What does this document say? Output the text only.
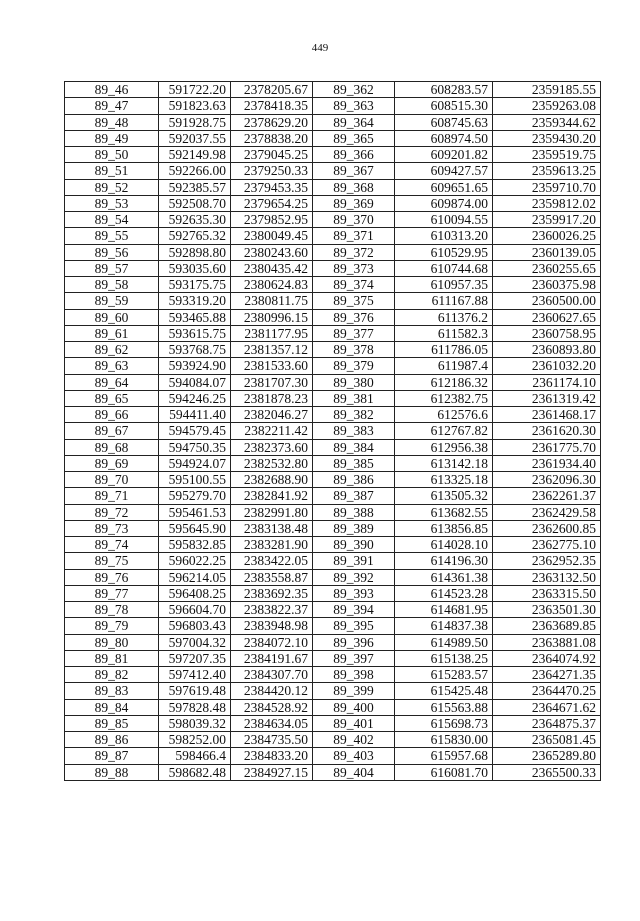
449
89_46	591722.20	2378205.67	89_362	608283.57	2359185.55
89_47	591823.63	2378418.35	89_363	608515.30	2359263.08
89_48	591928.75	2378629.20	89_364	608745.63	2359344.62
89_49	592037.55	2378838.20	89_365	608974.50	2359430.20
89_50	592149.98	2379045.25	89_366	609201.82	2359519.75
89_51	592266.00	2379250.33	89_367	609427.57	2359613.25
89_52	592385.57	2379453.35	89_368	609651.65	2359710.70
89_53	592508.70	2379654.25	89_369	609874.00	2359812.02
89_54	592635.30	2379852.95	89_370	610094.55	2359917.20
89_55	592765.32	2380049.45	89_371	610313.20	2360026.25
89_56	592898.80	2380243.60	89_372	610529.95	2360139.05
89_57	593035.60	2380435.42	89_373	610744.68	2360255.65
89_58	593175.75	2380624.83	89_374	610957.35	2360375.98
89_59	593319.20	2380811.75	89_375	611167.88	2360500.00
89_60	593465.88	2380996.15	89_376	611376.2	2360627.65
89_61	593615.75	2381177.95	89_377	611582.3	2360758.95
89_62	593768.75	2381357.12	89_378	611786.05	2360893.80
89_63	593924.90	2381533.60	89_379	611987.4	2361032.20
89_64	594084.07	2381707.30	89_380	612186.32	2361174.10
89_65	594246.25	2381878.23	89_381	612382.75	2361319.42
89_66	594411.40	2382046.27	89_382	612576.6	2361468.17
89_67	594579.45	2382211.42	89_383	612767.82	2361620.30
89_68	594750.35	2382373.60	89_384	612956.38	2361775.70
89_69	594924.07	2382532.80	89_385	613142.18	2361934.40
89_70	595100.55	2382688.90	89_386	613325.18	2362096.30
89_71	595279.70	2382841.92	89_387	613505.32	2362261.37
89_72	595461.53	2382991.80	89_388	613682.55	2362429.58
89_73	595645.90	2383138.48	89_389	613856.85	2362600.85
89_74	595832.85	2383281.90	89_390	614028.10	2362775.10
89_75	596022.25	2383422.05	89_391	614196.30	2362952.35
89_76	596214.05	2383558.87	89_392	614361.38	2363132.50
89_77	596408.25	2383692.35	89_393	614523.28	2363315.50
89_78	596604.70	2383822.37	89_394	614681.95	2363501.30
89_79	596803.43	2383948.98	89_395	614837.38	2363689.85
89_80	597004.32	2384072.10	89_396	614989.50	2363881.08
89_81	597207.35	2384191.67	89_397	615138.25	2364074.92
89_82	597412.40	2384307.70	89_398	615283.57	2364271.35
89_83	597619.48	2384420.12	89_399	615425.48	2364470.25
89_84	597828.48	2384528.92	89_400	615563.88	2364671.62
89_85	598039.32	2384634.05	89_401	615698.73	2364875.37
89_86	598252.00	2384735.50	89_402	615830.00	2365081.45
89_87	598466.4	2384833.20	89_403	615957.68	2365289.80
89_88	598682.48	2384927.15	89_404	616081.70	2365500.33
